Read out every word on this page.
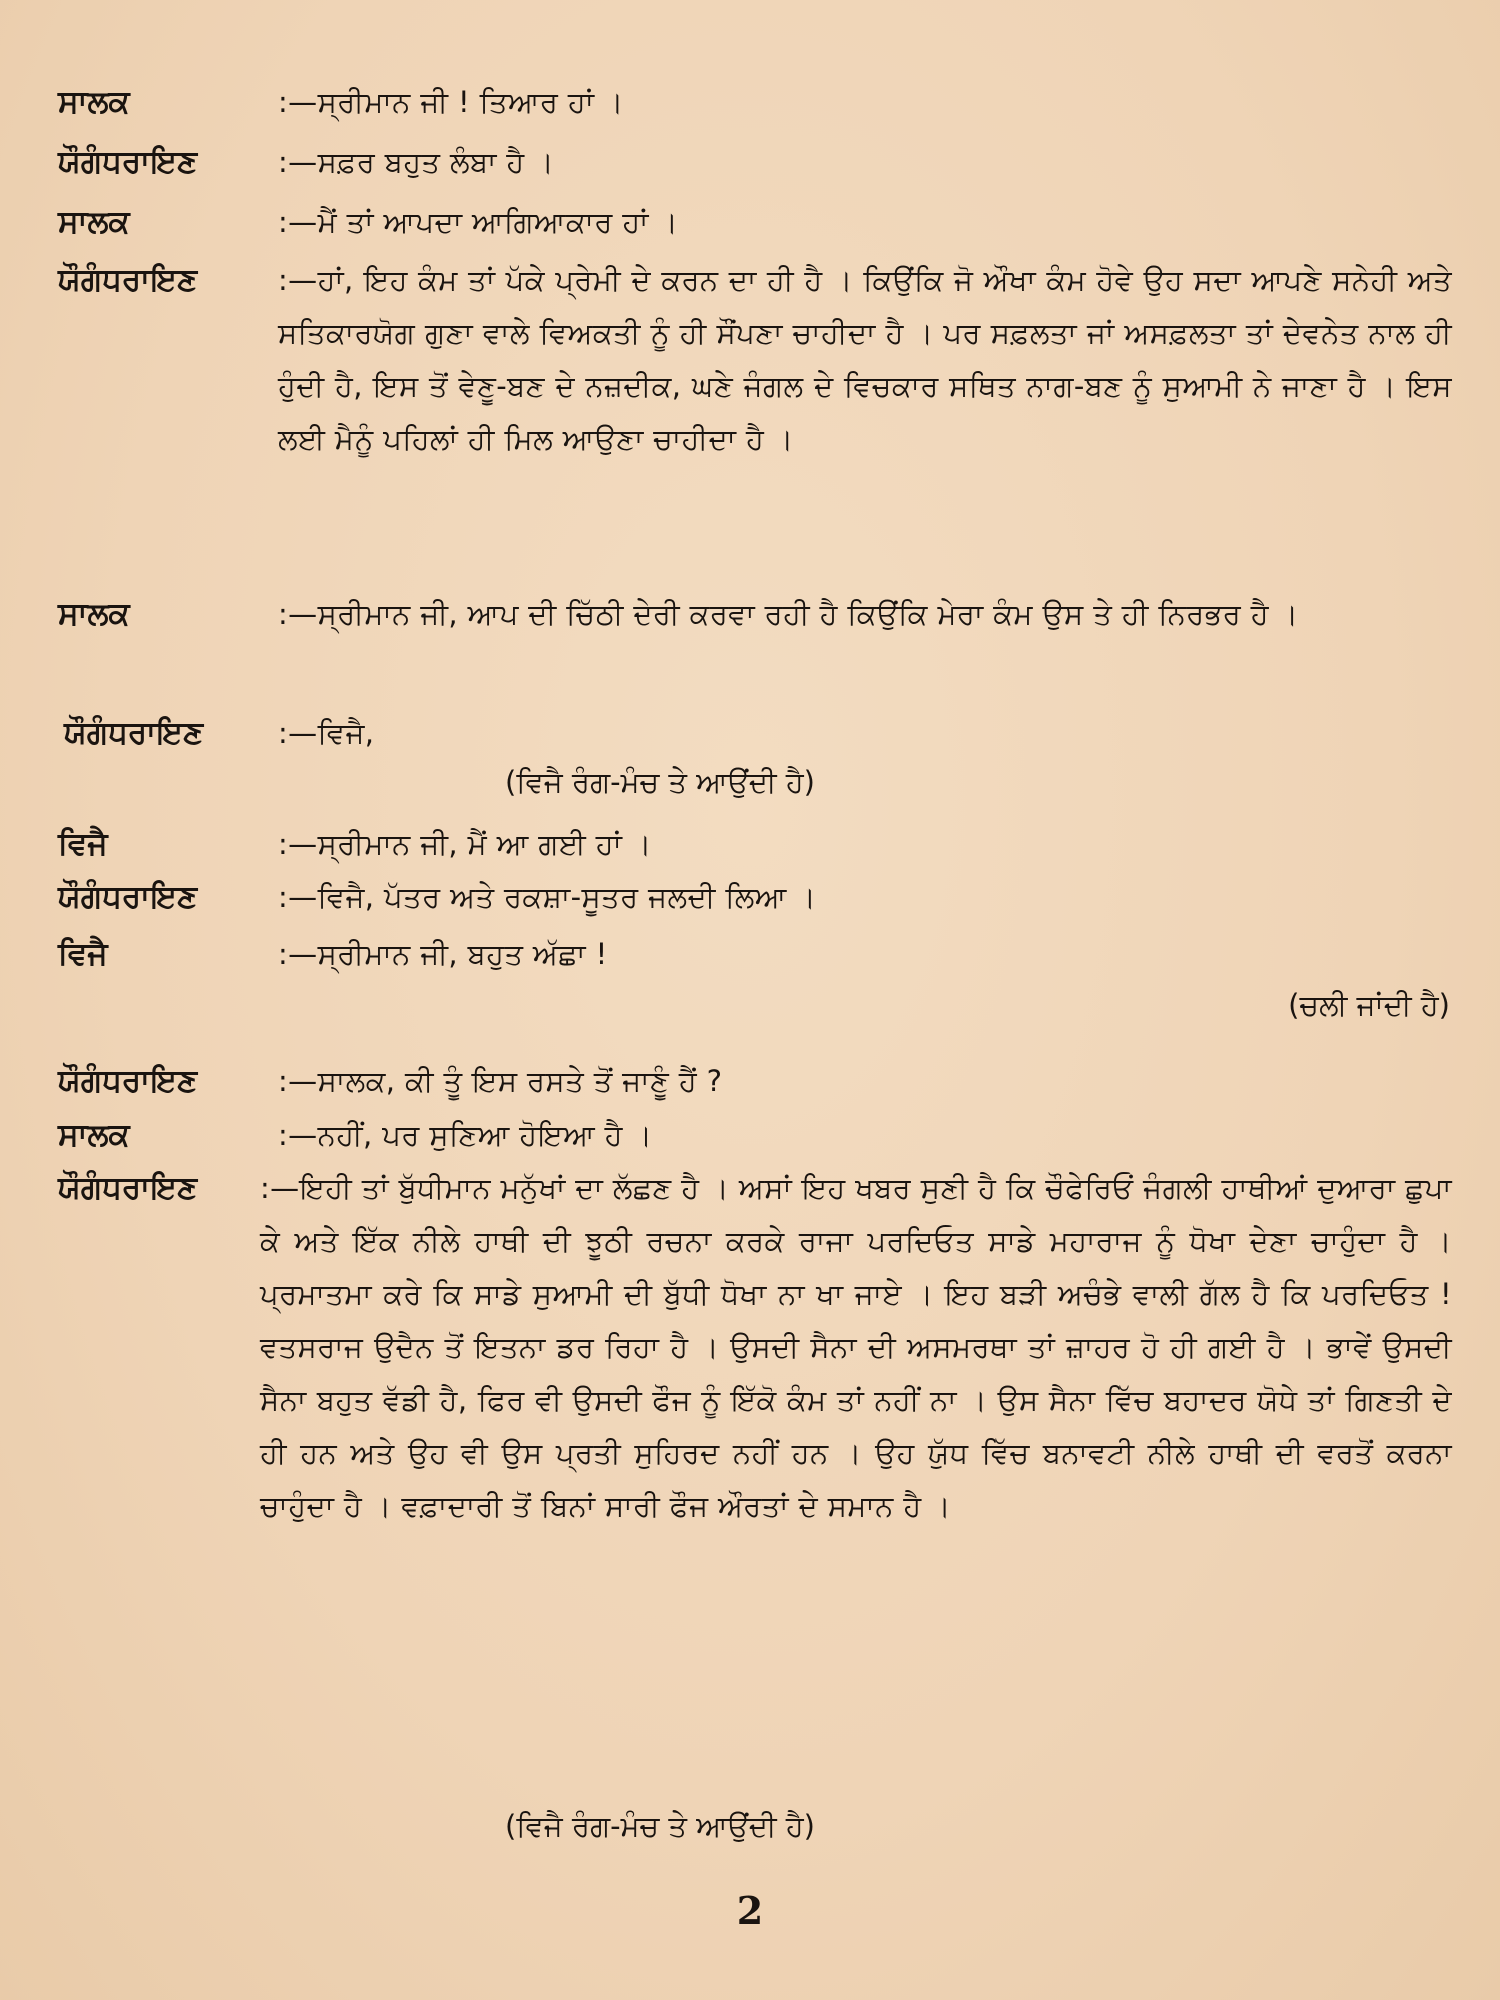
ਸਾਲਕ	:—ਸ੍ਰੀਮਾਨ ਜੀ ! ਤਿਆਰ ਹਾਂ ।
ਯੌਗੰਧਰਾਇਣ	:—ਸਫ਼ਰ ਬਹੁਤ ਲੰਬਾ ਹੈ ।
ਸਾਲਕ	:—ਮੈਂ ਤਾਂ ਆਪਦਾ ਆਗਿਆਕਾਰ ਹਾਂ ।
ਯੌਗੰਧਰਾਇਣ	:—ਹਾਂ, ਇਹ ਕੰਮ ਤਾਂ ਪੱਕੇ ਪ੍ਰੇਮੀ ਦੇ ਕਰਨ ਦਾ ਹੀ ਹੈ । ਕਿਉਂਕਿ ਜੋ ਔਖਾ ਕੰਮ ਹੋਵੇ ਉਹ ਸਦਾ ਆਪਣੇ ਸਨੇਹੀ ਅਤੇ ਸਤਿਕਾਰਯੋਗ ਗੁਣਾ ਵਾਲੇ ਵਿਅਕਤੀ ਨੂੰ ਹੀ ਸੌਂਪਣਾ ਚਾਹੀਦਾ ਹੈ । ਪਰ ਸਫ਼ਲਤਾ ਜਾਂ ਅਸਫ਼ਲਤਾ ਤਾਂ ਦੇਵਨੇਤ ਨਾਲ ਹੀ ਹੁੰਦੀ ਹੈ, ਇਸ ਤੋਂ ਵੇਣੂ-ਬਣ ਦੇ ਨਜ਼ਦੀਕ, ਘਣੇ ਜੰਗਲ ਦੇ ਵਿਚਕਾਰ ਸਥਿਤ ਨਾਗ-ਬਣ ਨੂੰ ਸੁਆਮੀ ਨੇ ਜਾਣਾ ਹੈ । ਇਸ ਲਈ ਮੈਨੂੰ ਪਹਿਲਾਂ ਹੀ ਮਿਲ ਆਉਣਾ ਚਾਹੀਦਾ ਹੈ ।
ਸਾਲਕ	:—ਸ੍ਰੀਮਾਨ ਜੀ, ਆਪ ਦੀ ਚਿੱਠੀ ਦੇਰੀ ਕਰਵਾ ਰਹੀ ਹੈ ਕਿਉਂਕਿ ਮੇਰਾ ਕੰਮ ਉਸ ਤੇ ਹੀ ਨਿਰਭਰ ਹੈ ।
ਯੌਗੰਧਰਾਇਣ	:—ਵਿਜੈ,
(ਵਿਜੈ ਰੰਗ-ਮੰਚ ਤੇ ਆਉਂਦੀ ਹੈ)
ਵਿਜੈ	:—ਸ੍ਰੀਮਾਨ ਜੀ, ਮੈਂ ਆ ਗਈ ਹਾਂ ।
ਯੌਗੰਧਰਾਇਣ	:—ਵਿਜੈ, ਪੱਤਰ ਅਤੇ ਰਕਸ਼ਾ-ਸੂਤਰ ਜਲਦੀ ਲਿਆ ।
ਵਿਜੈ	:—ਸ੍ਰੀਮਾਨ ਜੀ, ਬਹੁਤ ਅੱਛਾ !
(ਚਲੀ ਜਾਂਦੀ ਹੈ)
ਯੌਗੰਧਰਾਇਣ	:—ਸਾਲਕ, ਕੀ ਤੂੰ ਇਸ ਰਸਤੇ ਤੋਂ ਜਾਣੂੰ ਹੈਂ ?
ਸਾਲਕ	:—ਨਹੀਂ, ਪਰ ਸੁਣਿਆ ਹੋਇਆ ਹੈ ।
ਯੌਗੰਧਰਾਇਣ :—ਇਹੀ ਤਾਂ ਬੁੱਧੀਮਾਨ ਮਨੁੱਖਾਂ ਦਾ ਲੱਛਣ ਹੈ । ਅਸਾਂ ਇਹ ਖਬਰ ਸੁਣੀ ਹੈ ਕਿ ਚੌਫੇਰਿਓਂ ਜੰਗਲੀ ਹਾਥੀਆਂ ਦੁਆਰਾ ਛੁਪਾ ਕੇ ਅਤੇ ਇੱਕ ਨੀਲੇ ਹਾਥੀ ਦੀ ਝੂਠੀ ਰਚਨਾ ਕਰਕੇ ਰਾਜਾ ਪਰਦਿਓਤ ਸਾਡੇ ਮਹਾਰਾਜ ਨੂੰ ਧੋਖਾ ਦੇਣਾ ਚਾਹੁੰਦਾ ਹੈ । ਪ੍ਰਮਾਤਮਾ ਕਰੇ ਕਿ ਸਾਡੇ ਸੁਆਮੀ ਦੀ ਬੁੱਧੀ ਧੋਖਾ ਨਾ ਖਾ ਜਾਏ । ਇਹ ਬੜੀ ਅਚੰਭੇ ਵਾਲੀ ਗੱਲ ਹੈ ਕਿ ਪਰਦਿਓਤ ! ਵਤਸਰਾਜ ਉਦੈਨ ਤੋਂ ਇਤਨਾ ਡਰ ਰਿਹਾ ਹੈ । ਉਸਦੀ ਸੈਨਾ ਦੀ ਅਸਮਰਥਾ ਤਾਂ ਜ਼ਾਹਰ ਹੋ ਹੀ ਗਈ ਹੈ । ਭਾਵੇਂ ਉਸਦੀ ਸੈਨਾ ਬਹੁਤ ਵੱਡੀ ਹੈ, ਫਿਰ ਵੀ ਉਸਦੀ ਫੌਜ ਨੂੰ ਇੱਕੋ ਕੰਮ ਤਾਂ ਨਹੀਂ ਨਾ । ਉਸ ਸੈਨਾ ਵਿੱਚ ਬਹਾਦਰ ਯੋਧੇ ਤਾਂ ਗਿਣਤੀ ਦੇ ਹੀ ਹਨ ਅਤੇ ਉਹ ਵੀ ਉਸ ਪ੍ਰਤੀ ਸੁਹਿਰਦ ਨਹੀਂ ਹਨ । ਉਹ ਯੁੱਧ ਵਿੱਚ ਬਨਾਵਟੀ ਨੀਲੇ ਹਾਥੀ ਦੀ ਵਰਤੋਂ ਕਰਨਾ ਚਾਹੁੰਦਾ ਹੈ । ਵਫ਼ਾਦਾਰੀ ਤੋਂ ਬਿਨਾਂ ਸਾਰੀ ਫੌਜ ਔਰਤਾਂ ਦੇ ਸਮਾਨ ਹੈ ।
(ਵਿਜੈ ਰੰਗ-ਮੰਚ ਤੇ ਆਉਂਦੀ ਹੈ)
2
